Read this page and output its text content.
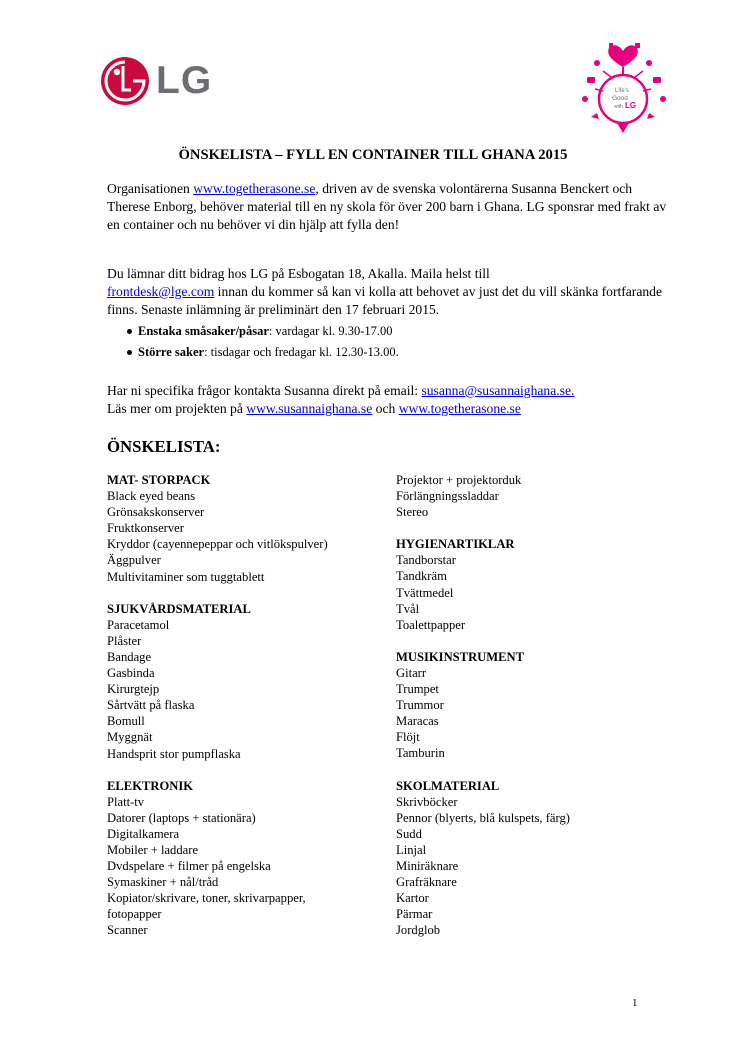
LG	Life's
Good
with LG
ÖNSKELISTA – FYLL EN CONTAINER TILL GHANA 2015

Organisationen www.togetherasone.se, driven av de svenska volontärerna Susanna Benckert och Therese Enborg, behöver material till en ny skola för över 200 barn i Ghana. LG sponsrar med frakt av en container och nu behöver vi din hjälp att fylla den!

Du lämnar ditt bidrag hos LG på Esbogatan 18, Akalla. Maila helst till
frontdesk@lge.com innan du kommer så kan vi kolla att behovet av just det du vill skänka fortfarande finns. Senaste inlämning är preliminärt den 17 februari 2015.

Enstaka småsaker/påsar: vardagar kl. 9.30-17.00
Större saker: tisdagar och fredagar kl. 12.30-13.00.

Har ni specifika frågor kontakta Susanna direkt på email: susanna@susannaighana.se.
Läs mer om projekten på www.susannaighana.se och www.togetherasone.se

ÖNSKELISTA:
MAT- STORPACK
Black eyed beans
Grönsakskonserver
Fruktkonserver
Kryddor (cayennepeppar och vitlökspulver)
Äggpulver
Multivitaminer som tuggtablett
SJUKVÅRDSMATERIAL
Paracetamol
Plåster
Bandage
Gasbinda
Kirurgtejp
Sårtvätt på flaska
Bomull
Myggnät
Handsprit stor pumpflaska
ELEKTRONIK
Platt-tv
Datorer (laptops + stationära)
Digitalkamera
Mobiler + laddare
Dvdspelare + filmer på engelska
Symaskiner + nål/tråd
Kopiator/skrivare, toner, skrivarpapper,
fotopapper
Scanner
Projektor + projektorduk
Förlängningssladdar
Stereo
HYGIENARTIKLAR
Tandborstar
Tandkräm
Tvättmedel
Tvål
Toalettpapper
MUSIKINSTRUMENT
Gitarr
Trumpet
Trummor
Maracas
Flöjt
Tamburin
SKOLMATERIAL
Skrivböcker
Pennor (blyerts, blå kulspets, färg)
Sudd
Linjal
Miniräknare
Grafräknare
Kartor
Pärmar
Jordglob
1
